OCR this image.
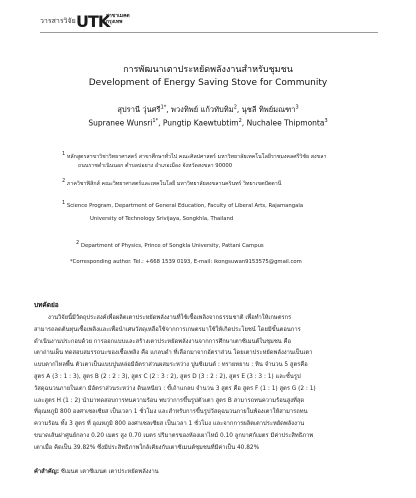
วารสารวิจัย UTK
สาขาเมคต
กรุงเทพ
การพัฒนาเตาประหยัดพลังงานสำหรับชุมชน
Development of Energy Saving Stove for Community
สุปรานี วุ่นศรี$^{1*}$, พวงทิพย์ แก้วทับทิม$^2$, นุชลี ทิพย์มณฑา$^3$
Supranee Wunsri$^{1*}$, Pungtip Kaewtubtim$^2$, Nuchalee Thipmonta$^3$
1 หลักสูตรสาขาวิชาวิทยาศาสตร์ สาขาศึกษาทั่วไป คณะศิลปศาสตร์ มหาวิทยาลัยเทคโนโลยีราชมงคลศรีวิชัย สงขลา
ถนนราชดำเนินนอก ตำบลบ่อยาง อำเภอเมือง จังหวัดสงขลา 90000
2 ภาควิชาฟิสิกส์ คณะวิทยาศาสตร์และเทคโนโลยี มหาวิทยาลัยสงขลานครินทร์ วิทยาเขตปัตตานี
1 Science Program, Department of General Education, Faculty of Liberal Arts, Rajamangala
University of Technology Srivijaya, Songkhla, Thailand
2 Department of Physics, Prince of Songkla University, Pattani Campus
*Corresponding author. Tel.: +668 1539 0193, E-mail: ikongsuwan9153575@gmail.com
บทคัดย่อ
งานวิจัยนี้มีวัตถุประสงค์เพื่อผลิตเตาประหยัดพลังงานที่ใช้เชื้อเพลิงจากธรรมชาติ เพื่อทำให้เกษตรกร
สามารถลดต้นทุนเชื้อเพลิงและเพื่อนำเศษวัสดุเหลือใช้จากการเกษตรมาใช้ให้เกิดประโยชน์ โดยมีขั้นตอนการ
ดำเนินงานประกอบด้วย การออกแบบและสร้างเตาประหยัดพลังงานจากการศึกษาเตาซีเมนต์ในชุมชน คือ
เตาถ่านเผ็น ทดสอบสมรรถนะของเชื้อเพลิง คือ แกลบดำ ที่เลือกมาจากอัตราส่วน โดยเตาประหยัดพลังงานเป็นเตา
แบบตากไหลพื้น ตัวเตาเป็นแบบปูนหล่อมีอัตราส่วนผสมระหว่าง ปูนซีเมนต์ : ทรายหยาบ : หิน จำนวน 5 สูตรคือ
สูตร A (3 : 1 : 3), สูตร B (2 : 2 : 3), สูตร C (2 : 3 : 2), สูตร D (3 : 2 : 2), สูตร E (3 : 3 : 1) และชั้นรูป
วัสดุฉนวนภายในเตา มีอัตราส่วนระหว่าง ดินเหนียว : ขี้เถ้าแกลบ จำนวน 3 สูตร คือ สูตร F (1 : 1) สูตร G (2 : 1)
และสูตร H (1 : 2) นำมาทดสอบการทนความร้อน พบว่าการขึ้นรูปตัวเตา สูตร B สามารถทนความร้อนสูงที่สุด
ที่อุณหภูมิ 800 องศาเซลเซียส เป็นเวลา 1 ชั่วโมง และสำหรับการขึ้นรูปวัสดุฉนวนภายในพ้องเตาให้สามารถทน
ความร้อน ทั้ง 3 สูตร ที่ อุณหภูมิ 800 องศาเซลเซียส เป็นเวลา 1 ชั่วโมง และจากการผลิตเตาประหยัดพลังงาน
ขนาดเส้นผ่าศูนย์กลาง 0.20 เมตร สูง 0.70 เมตร ปริมาตรของห้องเผาไหม้ 0.10 ลูกบาศก์เมตร มีค่าประสิทธิภาพ
เตาเมื่อ คิดเป็น 39.82% ซึ่งมีประสิทธิภาพใกล้เคียงกับเตาซีเมนต์ชุมชนที่มีค่าเป็น 40.82%
คำสำคัญ: ซีเมนต เตาซีเมนต เตาประหยัดพลังงาน
